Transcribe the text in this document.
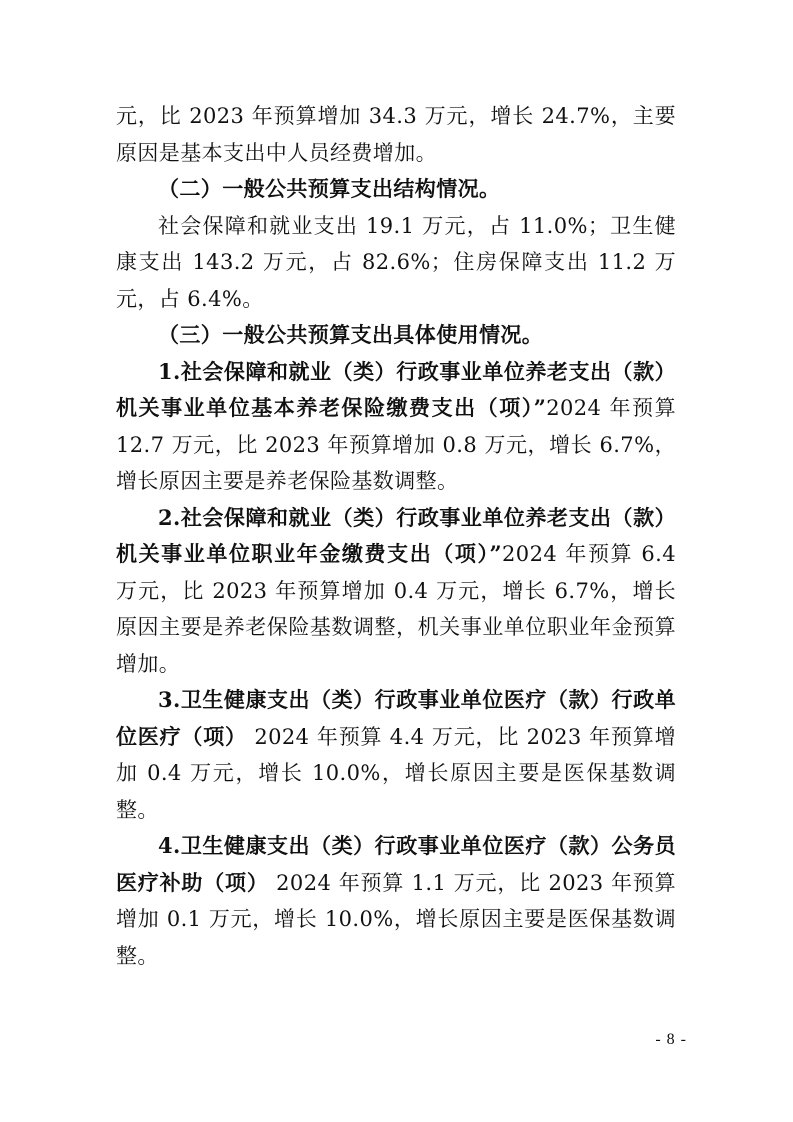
元，比 2023 年预算增加 34.3 万元，增长 24.7%，主要原因是基本支出中人员经费增加。

（二）一般公共预算支出结构情况。

社会保障和就业支出 19.1 万元，占 11.0%；卫生健康支出 143.2 万元，占 82.6%；住房保障支出 11.2 万元，占 6.4%。

（三）一般公共预算支出具体使用情况。

1.社会保障和就业（类）行政事业单位养老支出（款）机关事业单位基本养老保险缴费支出（项）”2024 年预算 12.7 万元，比 2023 年预算增加 0.8 万元，增长 6.7%，增长原因主要是养老保险基数调整。

2.社会保障和就业（类）行政事业单位养老支出（款）机关事业单位职业年金缴费支出（项）”2024 年预算 6.4 万元，比 2023 年预算增加 0.4 万元，增长 6.7%，增长原因主要是养老保险基数调整，机关事业单位职业年金预算增加。

3.卫生健康支出（类）行政事业单位医疗（款）行政单位医疗（项） 2024 年预算 4.4 万元，比 2023 年预算增加 0.4 万元，增长 10.0%，增长原因主要是医保基数调整。

4.卫生健康支出（类）行政事业单位医疗（款）公务员医疗补助（项） 2024 年预算 1.1 万元，比 2023 年预算增加 0.1 万元，增长 10.0%，增长原因主要是医保基数调整。

- 8 -
